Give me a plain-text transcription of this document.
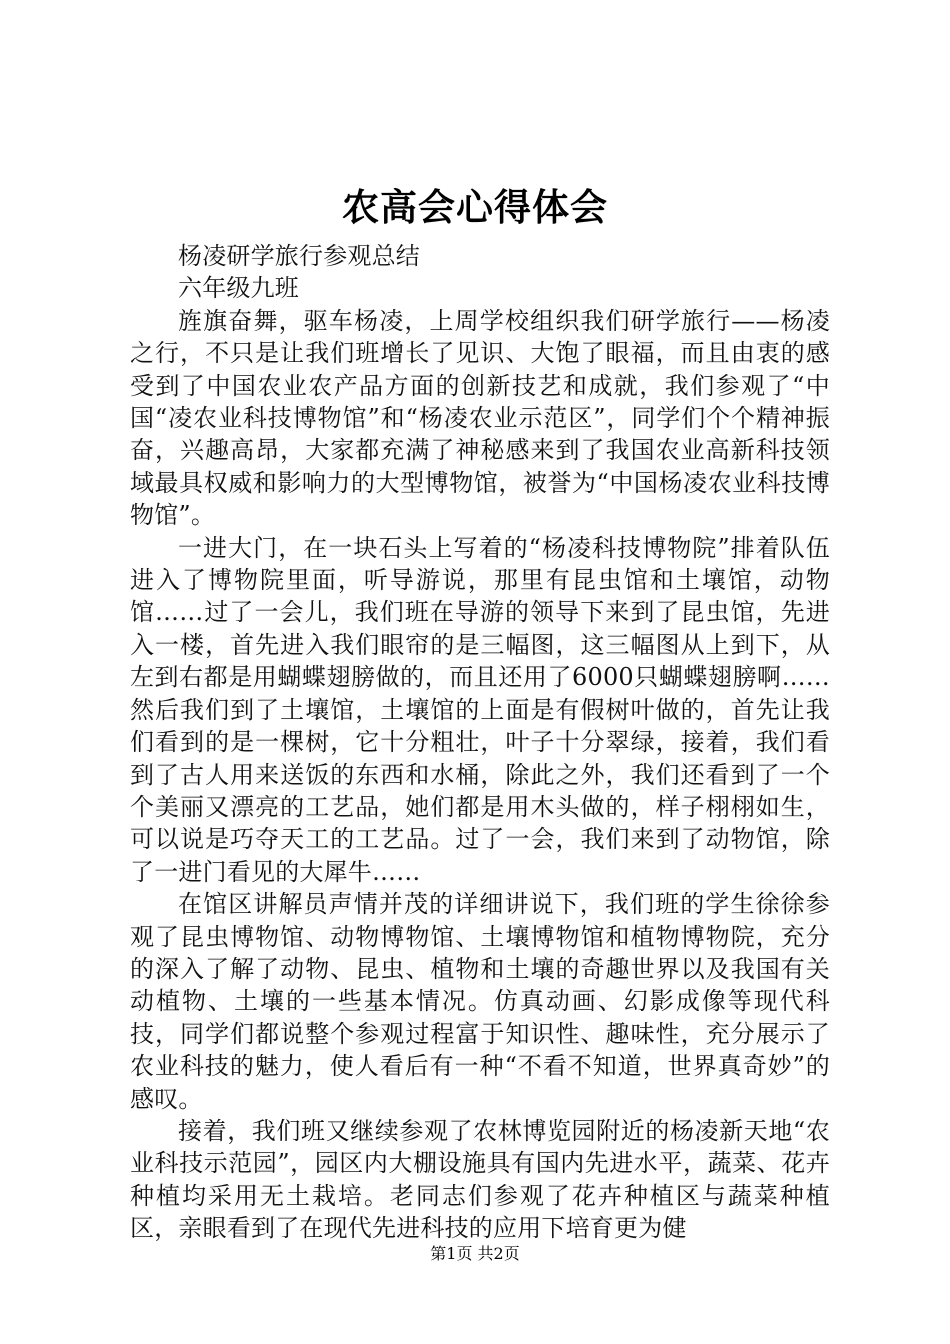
农高会心得体会

杨凌研学旅行参观总结

六年级九班

旌旗奋舞，驱车杨凌，上周学校组织我们研学旅行——杨凌之行，不只是让我们班增长了见识、大饱了眼福，而且由衷的感受到了中国农业农产品方面的创新技艺和成就，我们参观了“中国“凌农业科技博物馆”和“杨凌农业示范区”，同学们个个精神振奋，兴趣高昂，大家都充满了神秘感来到了我国农业高新科技领域最具权威和影响力的大型博物馆，被誉为“中国杨凌农业科技博物馆”。

一进大门，在一块石头上写着的“杨凌科技博物院”排着队伍进入了博物院里面，听导游说，那里有昆虫馆和土壤馆，动物馆……过了一会儿，我们班在导游的领导下来到了昆虫馆，先进入一楼，首先进入我们眼帘的是三幅图，这三幅图从上到下，从左到右都是用蝴蝶翅膀做的，而且还用了6000只蝴蝶翅膀啊……然后我们到了土壤馆，土壤馆的上面是有假树叶做的，首先让我们看到的是一棵树，它十分粗壮，叶子十分翠绿，接着，我们看到了古人用来送饭的东西和水桶，除此之外，我们还看到了一个个美丽又漂亮的工艺品，她们都是用木头做的，样子栩栩如生，可以说是巧夺天工的工艺品。过了一会，我们来到了动物馆，除了一进门看见的大犀牛……

在馆区讲解员声情并茂的详细讲说下，我们班的学生徐徐参观了昆虫博物馆、动物博物馆、土壤博物馆和植物博物院，充分的深入了解了动物、昆虫、植物和土壤的奇趣世界以及我国有关动植物、土壤的一些基本情况。仿真动画、幻影成像等现代科技，同学们都说整个参观过程富于知识性、趣味性，充分展示了农业科技的魅力，使人看后有一种“不看不知道，世界真奇妙”的感叹。

接着，我们班又继续参观了农林博览园附近的杨凌新天地“农业科技示范园”，园区内大棚设施具有国内先进水平，蔬菜、花卉种植均采用无土栽培。老同志们参观了花卉种植区与蔬菜种植区，亲眼看到了在现代先进科技的应用下培育更为健

第1页 共2页
